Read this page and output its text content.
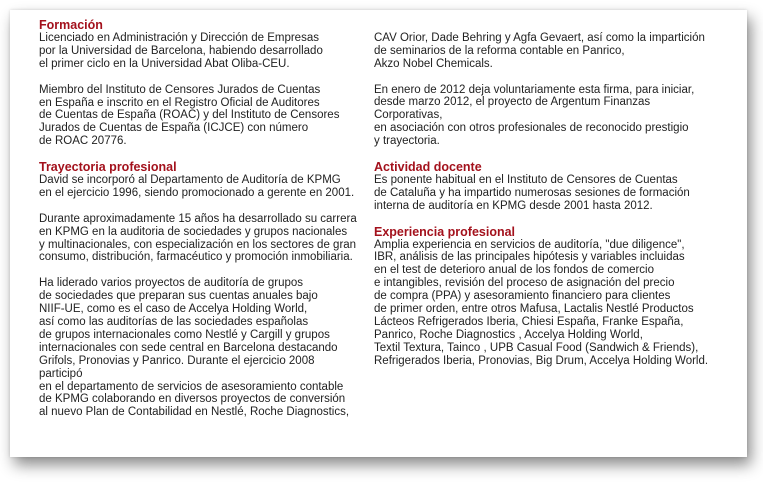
Formación

Licenciado en Administración y Dirección de Empresas
por la Universidad de Barcelona, habiendo desarrollado
el primer ciclo en la Universidad Abat Oliba-CEU.

Miembro del Instituto de Censores Jurados de Cuentas
en España e inscrito en el Registro Oficial de Auditores
de Cuentas de España (ROAC) y del Instituto de Censores
Jurados de Cuentas de España (ICJCE) con número
de ROAC 20776.

Trayectoria profesional

David se incorporó al Departamento de Auditoría de KPMG
en el ejercicio 1996, siendo promocionado a gerente en 2001.

Durante aproximadamente 15 años ha desarrollado su carrera
en KPMG en la auditoria de sociedades y grupos nacionales
y multinacionales, con especialización en los sectores de gran
consumo, distribución, farmacéutico y promoción inmobiliaria.

Ha liderado varios proyectos de auditoría de grupos
de sociedades que preparan sus cuentas anuales bajo
NIIF-UE, como es el caso de Accelya Holding World,
así como las auditorías de las sociedades españolas
de grupos internacionales como Nestlé y Cargill y grupos
internacionales con sede central en Barcelona destacando
Grifols, Pronovias y Panrico. Durante el ejercicio 2008 participó
en el departamento de servicios de asesoramiento contable
de KPMG colaborando en diversos proyectos de conversión
al nuevo Plan de Contabilidad en Nestlé, Roche Diagnostics,

CAV Orior, Dade Behring y Agfa Gevaert, así como la impartición
de seminarios de la reforma contable en Panrico,
Akzo Nobel Chemicals.

En enero de 2012 deja voluntariamente esta firma, para iniciar,
desde marzo 2012, el proyecto de Argentum Finanzas Corporativas,
en asociación con otros profesionales de reconocido prestigio
y trayectoria.

Actividad docente

Es ponente habitual en el Instituto de Censores de Cuentas
de Cataluña y ha impartido numerosas sesiones de formación
interna de auditoría en KPMG desde 2001 hasta 2012.

Experiencia profesional

Amplia experiencia en servicios de auditoría, "due diligence",
IBR, análisis de las principales hipótesis y variables incluidas
en el test de deterioro anual de los fondos de comercio
e intangibles, revisión del proceso de asignación del precio
de compra (PPA) y asesoramiento financiero para clientes
de primer orden, entre otros Mafusa, Lactalis Nestlé Productos
Lácteos Refrigerados Iberia, Chiesi España, Franke España,
Panrico, Roche Diagnostics , Accelya Holding World,
Textil Textura, Tainco , UPB Casual Food (Sandwich & Friends),
Refrigerados Iberia, Pronovias, Big Drum, Accelya Holding World.
